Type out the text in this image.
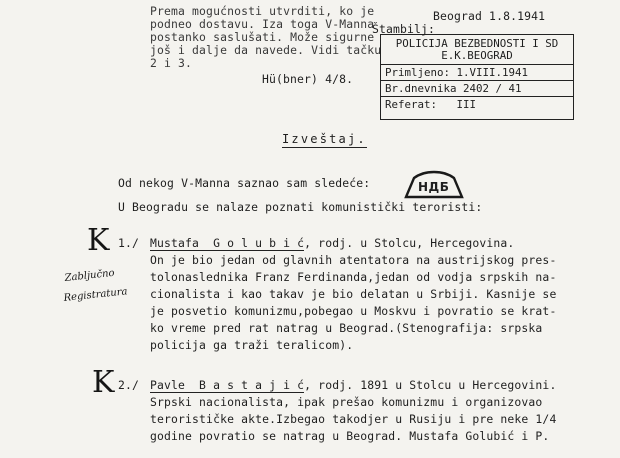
Prema mogućnosti utvrditi, ko je
podneo dostavu. Iza toga V-Manna
postanko saslušati. Može sigurne
još i dalje da navede. Vidi tačku
2 i 3.
Hü(bner) 4/8.
Beograd 1.8.1941
Štambilj:
POLICIJA BEZBEDNOSTI I SD
E.K.BEOGRAD
Primljeno: 1.VIII.1941
Br.dnevnika 2402 / 41
Referat:   III
Izveštaj.
Od nekog V-Manna saznao sam sledeće:
U Beogradu se nalaze poznati komunistički teroristi:
НДБ
K
K
Zabljučno
Registratura
1./ Mustafa  G o l u b i ć, rodj. u Stolcu, Hercegovina.
On je bio jedan od glavnih atentatora na austrijskog pres-
tolonaslednika Franz Ferdinanda,jedan od vodja srpskih na-
cionalista i kao takav je bio delatan u Srbiji. Kasnije se
je posvetio komunizmu,pobegao u Moskvu i povratio se krat-
ko vreme pred rat natrag u Beograd.(Stenografija: srpska
policija ga traži teralicom).
2./ Pavle  B a s t a j i ć, rodj. 1891 u Stolcu u Hercegovini.
Srpski nacionalista, ipak prešao komunizmu i organizovao
terorističke akte.Izbegao takodjer u Rusiju i pre neke 1/4
godine povratio se natrag u Beograd. Mustafa Golubić i P.
